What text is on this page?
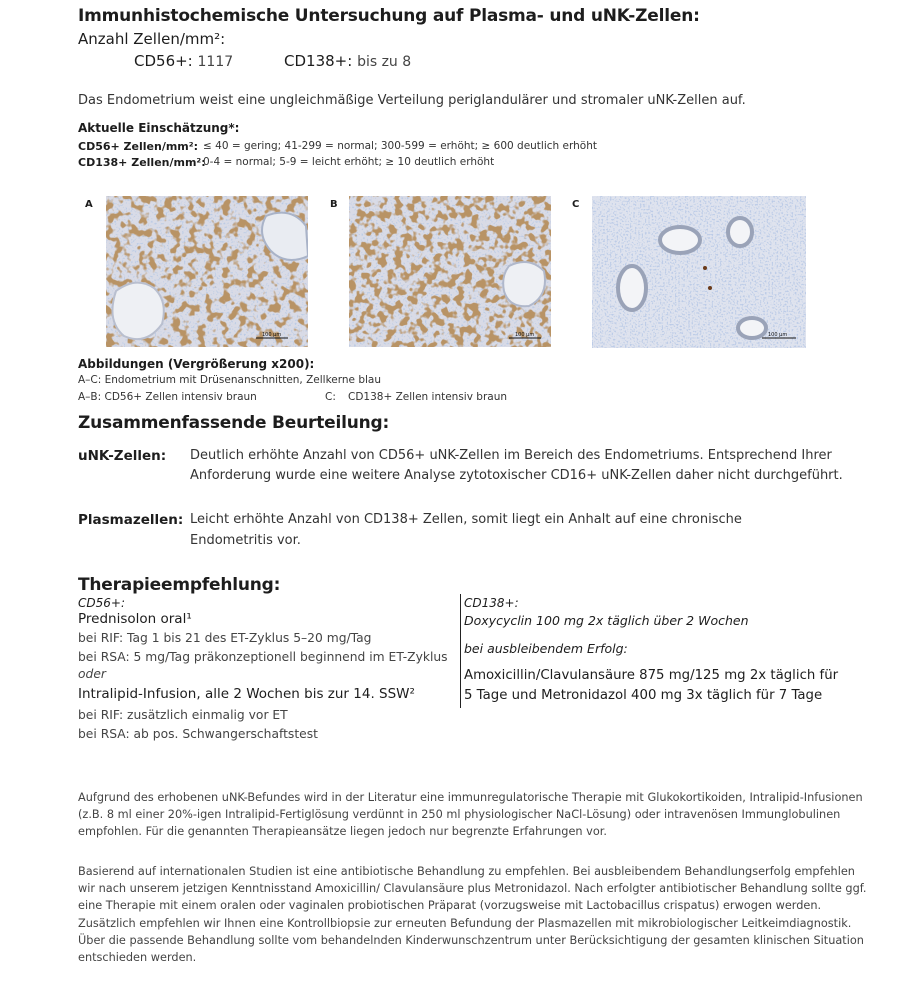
Immunhistochemische Untersuchung auf Plasma- und uNK-Zellen:
Anzahl Zellen/mm²:
CD56+: 1117	CD138+: bis zu 8
Das Endometrium weist eine ungleichmäßige Verteilung periglandulärer und stromaler uNK-Zellen auf.
Aktuelle Einschätzung*:
CD56+ Zellen/mm²: ≤ 40 = gering; 41-299 = normal; 300-599 = erhöht; ≥ 600 deutlich erhöht
CD138+ Zellen/mm²:
0-4 = normal; 5-9 = leicht erhöht; ≥ 10 deutlich erhöht
A	B	C
100 µm	100 µm	100 µm
Abbildungen (Vergrößerung x200):
A–C: Endometrium mit Drüsenanschnitten, Zellkerne blau
A–B: CD56+ Zellen intensiv braun	C: CD138+ Zellen intensiv braun
Zusammenfassende Beurteilung:
uNK-Zellen: Deutlich erhöhte Anzahl von CD56+ uNK-Zellen im Bereich des Endometriums. Entsprechend Ihrer
Anforderung wurde eine weitere Analyse zytotoxischer CD16+ uNK-Zellen daher nicht durchgeführt.
Plasmazellen: Leicht erhöhte Anzahl von CD138+ Zellen, somit liegt ein Anhalt auf eine chronische
Endometritis vor.
Therapieempfehlung:
CD56+:
Prednisolon oral¹
bei RIF: Tag 1 bis 21 des ET-Zyklus 5–20 mg/Tag
bei RSA: 5 mg/Tag präkonzeptionell beginnend im ET-Zyklus
oder
Intralipid-Infusion, alle 2 Wochen bis zur 14. SSW²
bei RIF: zusätzlich einmalig vor ET
bei RSA: ab pos. Schwangerschaftstest
CD138+:
Doxycyclin 100 mg 2x täglich über 2 Wochen
bei ausbleibendem Erfolg:
Amoxicillin/Clavulansäure 875 mg/125 mg 2x täglich für
5 Tage und Metronidazol 400 mg 3x täglich für 7 Tage
Aufgrund des erhobenen uNK-Befundes wird in der Literatur eine immunregulatorische Therapie mit Glukokortikoiden, Intralipid-Infusionen (z.B. 8 ml einer 20%-igen Intralipid-Fertiglösung verdünnt in 250 ml physiologischer NaCl-Lösung) oder intravenösen Immunglobulinen empfohlen. Für die genannten Therapieansätze liegen jedoch nur begrenzte Erfahrungen vor.
Basierend auf internationalen Studien ist eine antibiotische Behandlung zu empfehlen. Bei ausbleibendem Behandlungserfolg empfehlen wir nach unserem jetzigen Kenntnisstand Amoxicillin/ Clavulansäure plus Metronidazol. Nach erfolgter antibiotischer Behandlung sollte ggf. eine Therapie mit einem oralen oder vaginalen probiotischen Präparat (vorzugsweise mit Lactobacillus crispatus) erwogen werden. Zusätzlich empfehlen wir Ihnen eine Kontrollbiopsie zur erneuten Befundung der Plasmazellen mit mikrobiologischer Leitkeimdiagnostik. Über die passende Behandlung sollte vom behandelnden Kinderwunschzentrum unter Berücksichtigung der gesamten klinischen Situation entschieden werden.
